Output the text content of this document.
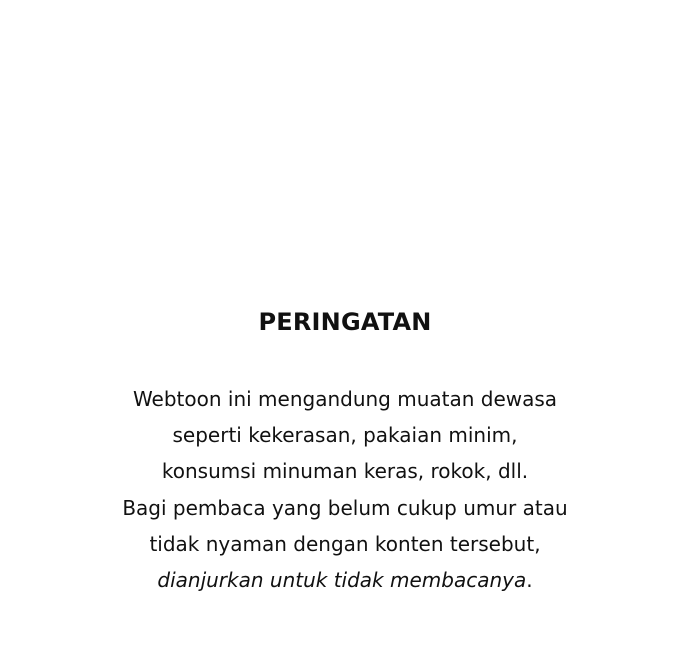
PERINGATAN

Webtoon ini mengandung muatan dewasa
seperti kekerasan, pakaian minim,
konsumsi minuman keras, rokok, dll.
Bagi pembaca yang belum cukup umur atau
tidak nyaman dengan konten tersebut,
dianjurkan untuk tidak membacanya.
